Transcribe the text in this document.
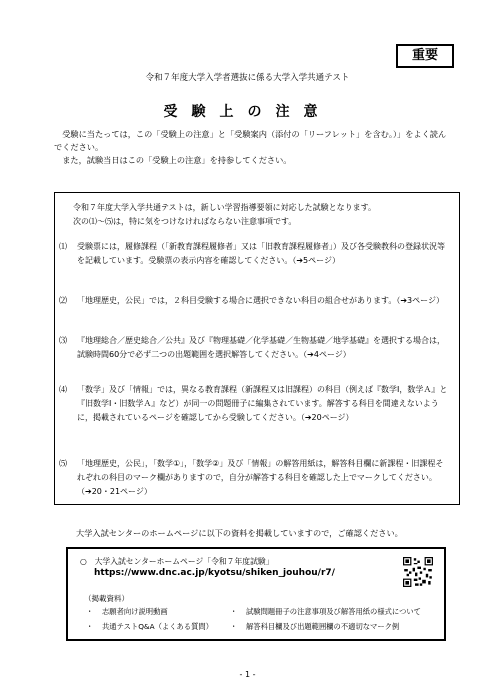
重要
令和７年度大学入学者選抜に係る大学入学共通テスト
受験上の注意

受験に当たっては，この「受験上の注意」と「受験案内（添付の「リーフレット」を含む。）」をよく読んでください。

また，試験当日はこの「受験上の注意」を持参してください。

令和７年度大学入学共通テストは，新しい学習指導要領に対応した試験となります。

次の⑴～⑸は，特に気をつけなければならない注意事項です。

⑴	受験票には，履修課程（「新教育課程履修者」又は「旧教育課程履修者」）及び各受験教科の登録状況等を記載しています。受験票の表示内容を確認してください。（➔5ページ）
⑵	「地理歴史，公民」では，２科目受験する場合に選択できない科目の組合せがあります。（➔3ページ）
⑶	『地理総合／歴史総合／公共』及び『物理基礎／化学基礎／生物基礎／地学基礎』を選択する場合は，試験時間60分で必ず二つの出題範囲を選択解答してください。（➔4ページ）
⑷	「数学」及び「情報」では，異なる教育課程（新課程又は旧課程）の科目（例えば『数学Ⅰ，数学Ａ』と『旧数学Ⅰ・旧数学Ａ』など）が同一の問題冊子に編集されています。解答する科目を間違えないように，掲載されているページを確認してから受験してください。（➔20ページ）
⑸	「地理歴史，公民」，「数学①」，「数学②」及び「情報」の解答用紙は，解答科目欄に新課程・旧課程それぞれの科目のマーク欄がありますので，自分が解答する科目を確認した上でマークしてください。（➔20・21ページ）
大学入試センターのホームページに以下の資料を掲載していますので，ご確認ください。
○　大学入試センターホームページ「令和７年度試験」
https://www.dnc.ac.jp/kyotsu/shiken_jouhou/r7/
（掲載資料）
・ 志願者向け説明動画	・ 試験問題冊子の注意事項及び解答用紙の様式について
・ 共通テストQ&A（よくある質問） ・ 解答科目欄及び出題範囲欄の不適切なマーク例
- 1 -
